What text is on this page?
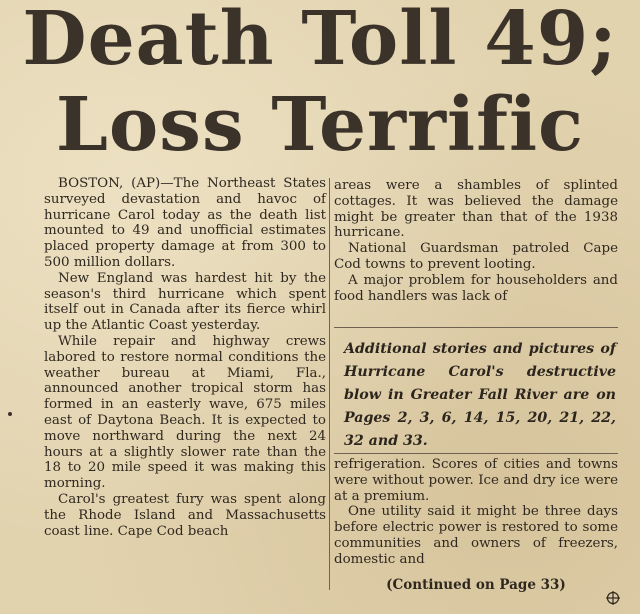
Death Toll 49;
Loss Terrific

BOSTON, (AP)—The Northeast States surveyed devastation and havoc of hurricane Carol today as the death list mounted to 49 and unofficial estimates placed property damage at from 300 to 500 million dollars.

New England was hardest hit by the season's third hurricane which spent itself out in Canada after its fierce whirl up the Atlantic Coast yesterday.

While repair and highway crews labored to restore normal conditions the weather bureau at Miami, Fla., announced another tropical storm has formed in an easterly wave, 675 miles east of Daytona Beach. It is expected to move northward during the next 24 hours at a slightly slower rate than the 18 to 20 mile speed it was making this morning.

Carol's greatest fury was spent along the Rhode Island and Massachusetts coast line. Cape Cod beach

areas were a shambles of splinted cottages. It was believed the damage might be greater than that of the 1938 hurricane.

National Guardsman patroled Cape Cod towns to prevent looting.

A major problem for householders and food handlers was lack of

Additional stories and pictures of Hurricane Carol's destructive blow in Greater Fall River are on Pages 2, 3, 6, 14, 15, 20, 21, 22, 32 and 33.

refrigeration. Scores of cities and towns were without power. Ice and dry ice were at a premium.

One utility said it might be three days before electric power is restored to some communities and owners of freezers, domestic and

(Continued on Page 33)
